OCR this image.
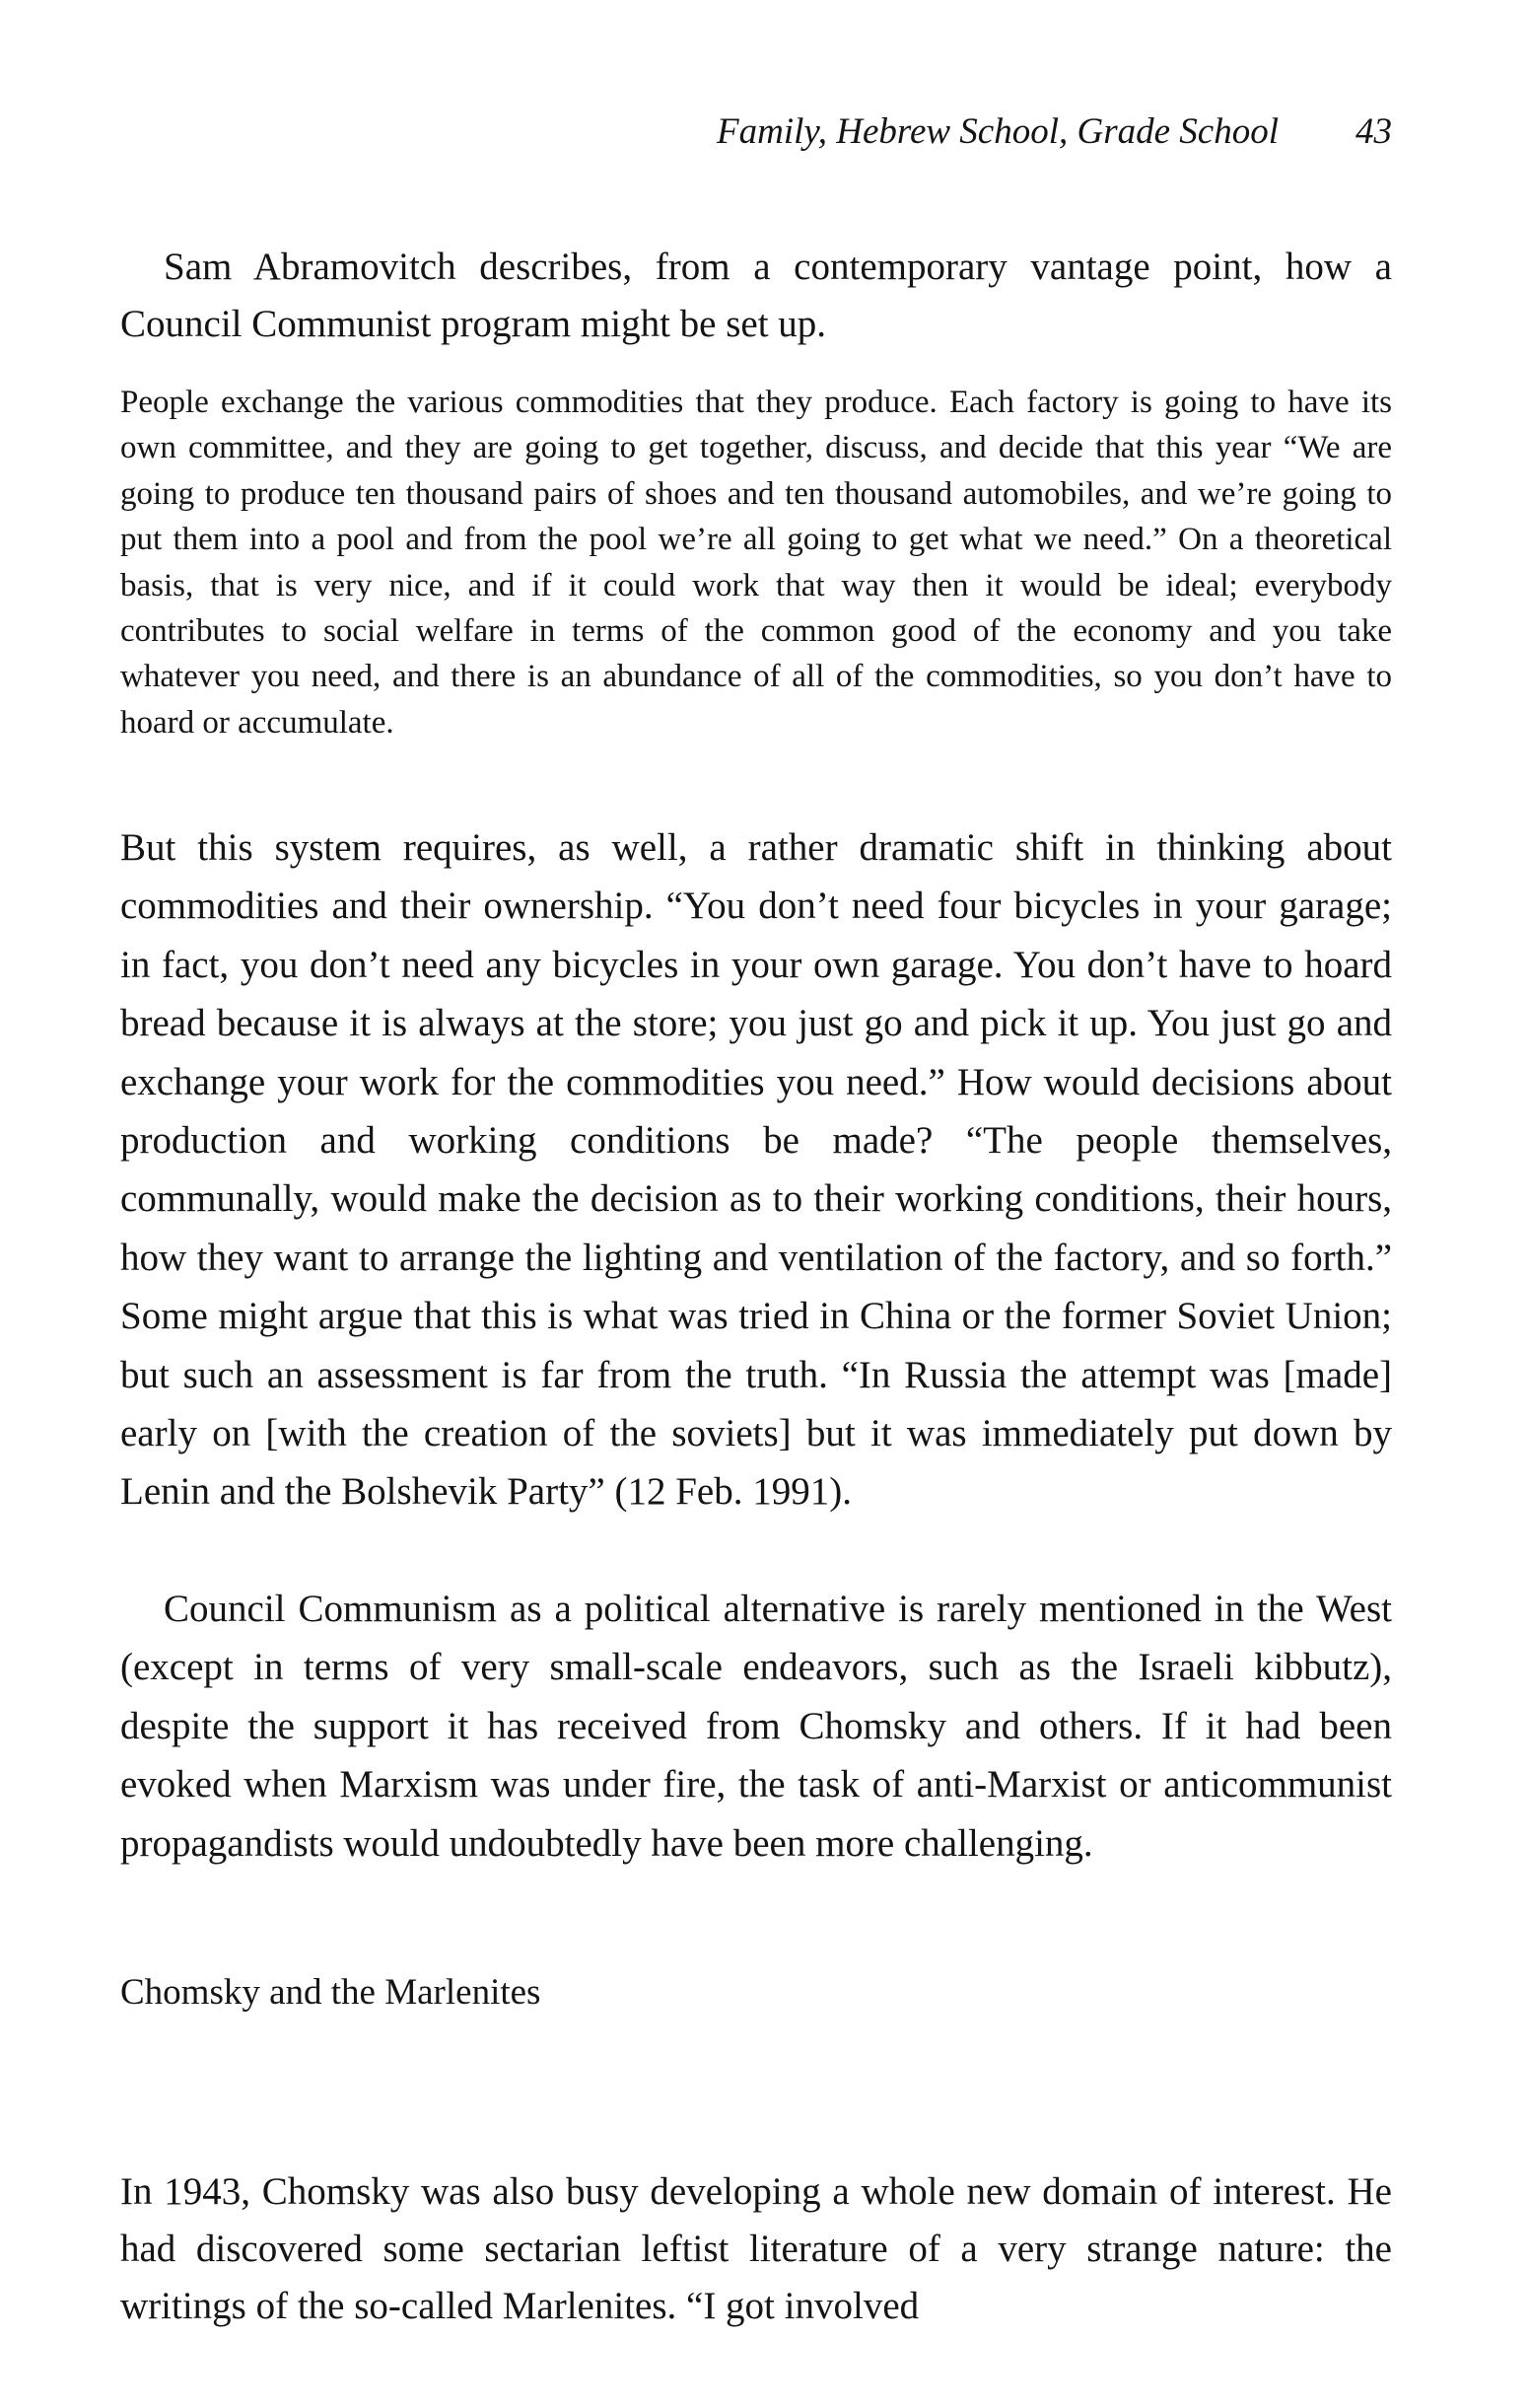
Family, Hebrew School, Grade School 43

Sam Abramovitch describes, from a contemporary vantage point, how a Council Communist program might be set up.

People exchange the various commodities that they produce. Each factory is going to have its own committee, and they are going to get together, discuss, and decide that this year “We are going to produce ten thousand pairs of shoes and ten thousand automobiles, and we’re going to put them into a pool and from the pool we’re all going to get what we need.” On a theoretical basis, that is very nice, and if it could work that way then it would be ideal; everybody contributes to social welfare in terms of the common good of the economy and you take whatever you need, and there is an abundance of all of the commodities, so you don’t have to hoard or accumulate.

But this system requires, as well, a rather dramatic shift in thinking about commodities and their ownership. “You don’t need four bicycles in your garage; in fact, you don’t need any bicycles in your own garage. You don’t have to hoard bread because it is always at the store; you just go and pick it up. You just go and exchange your work for the commodities you need.” How would decisions about production and working conditions be made? “The people themselves, communally, would make the decision as to their working conditions, their hours, how they want to arrange the lighting and ventilation of the factory, and so forth.” Some might argue that this is what was tried in China or the former Soviet Union; but such an assessment is far from the truth. “In Russia the attempt was [made] early on [with the creation of the soviets] but it was immediately put down by Lenin and the Bolshevik Party” (12 Feb. 1991).

Council Communism as a political alternative is rarely mentioned in the West (except in terms of very small-scale endeavors, such as the Israeli kibbutz), despite the support it has received from Chomsky and others. If it had been evoked when Marxism was under fire, the task of anti-Marxist or anticommunist propagandists would undoubtedly have been more challenging.

Chomsky and the Marlenites

In 1943, Chomsky was also busy developing a whole new domain of interest. He had discovered some sectarian leftist literature of a very strange nature: the writings of the so-called Marlenites. “I got involved
